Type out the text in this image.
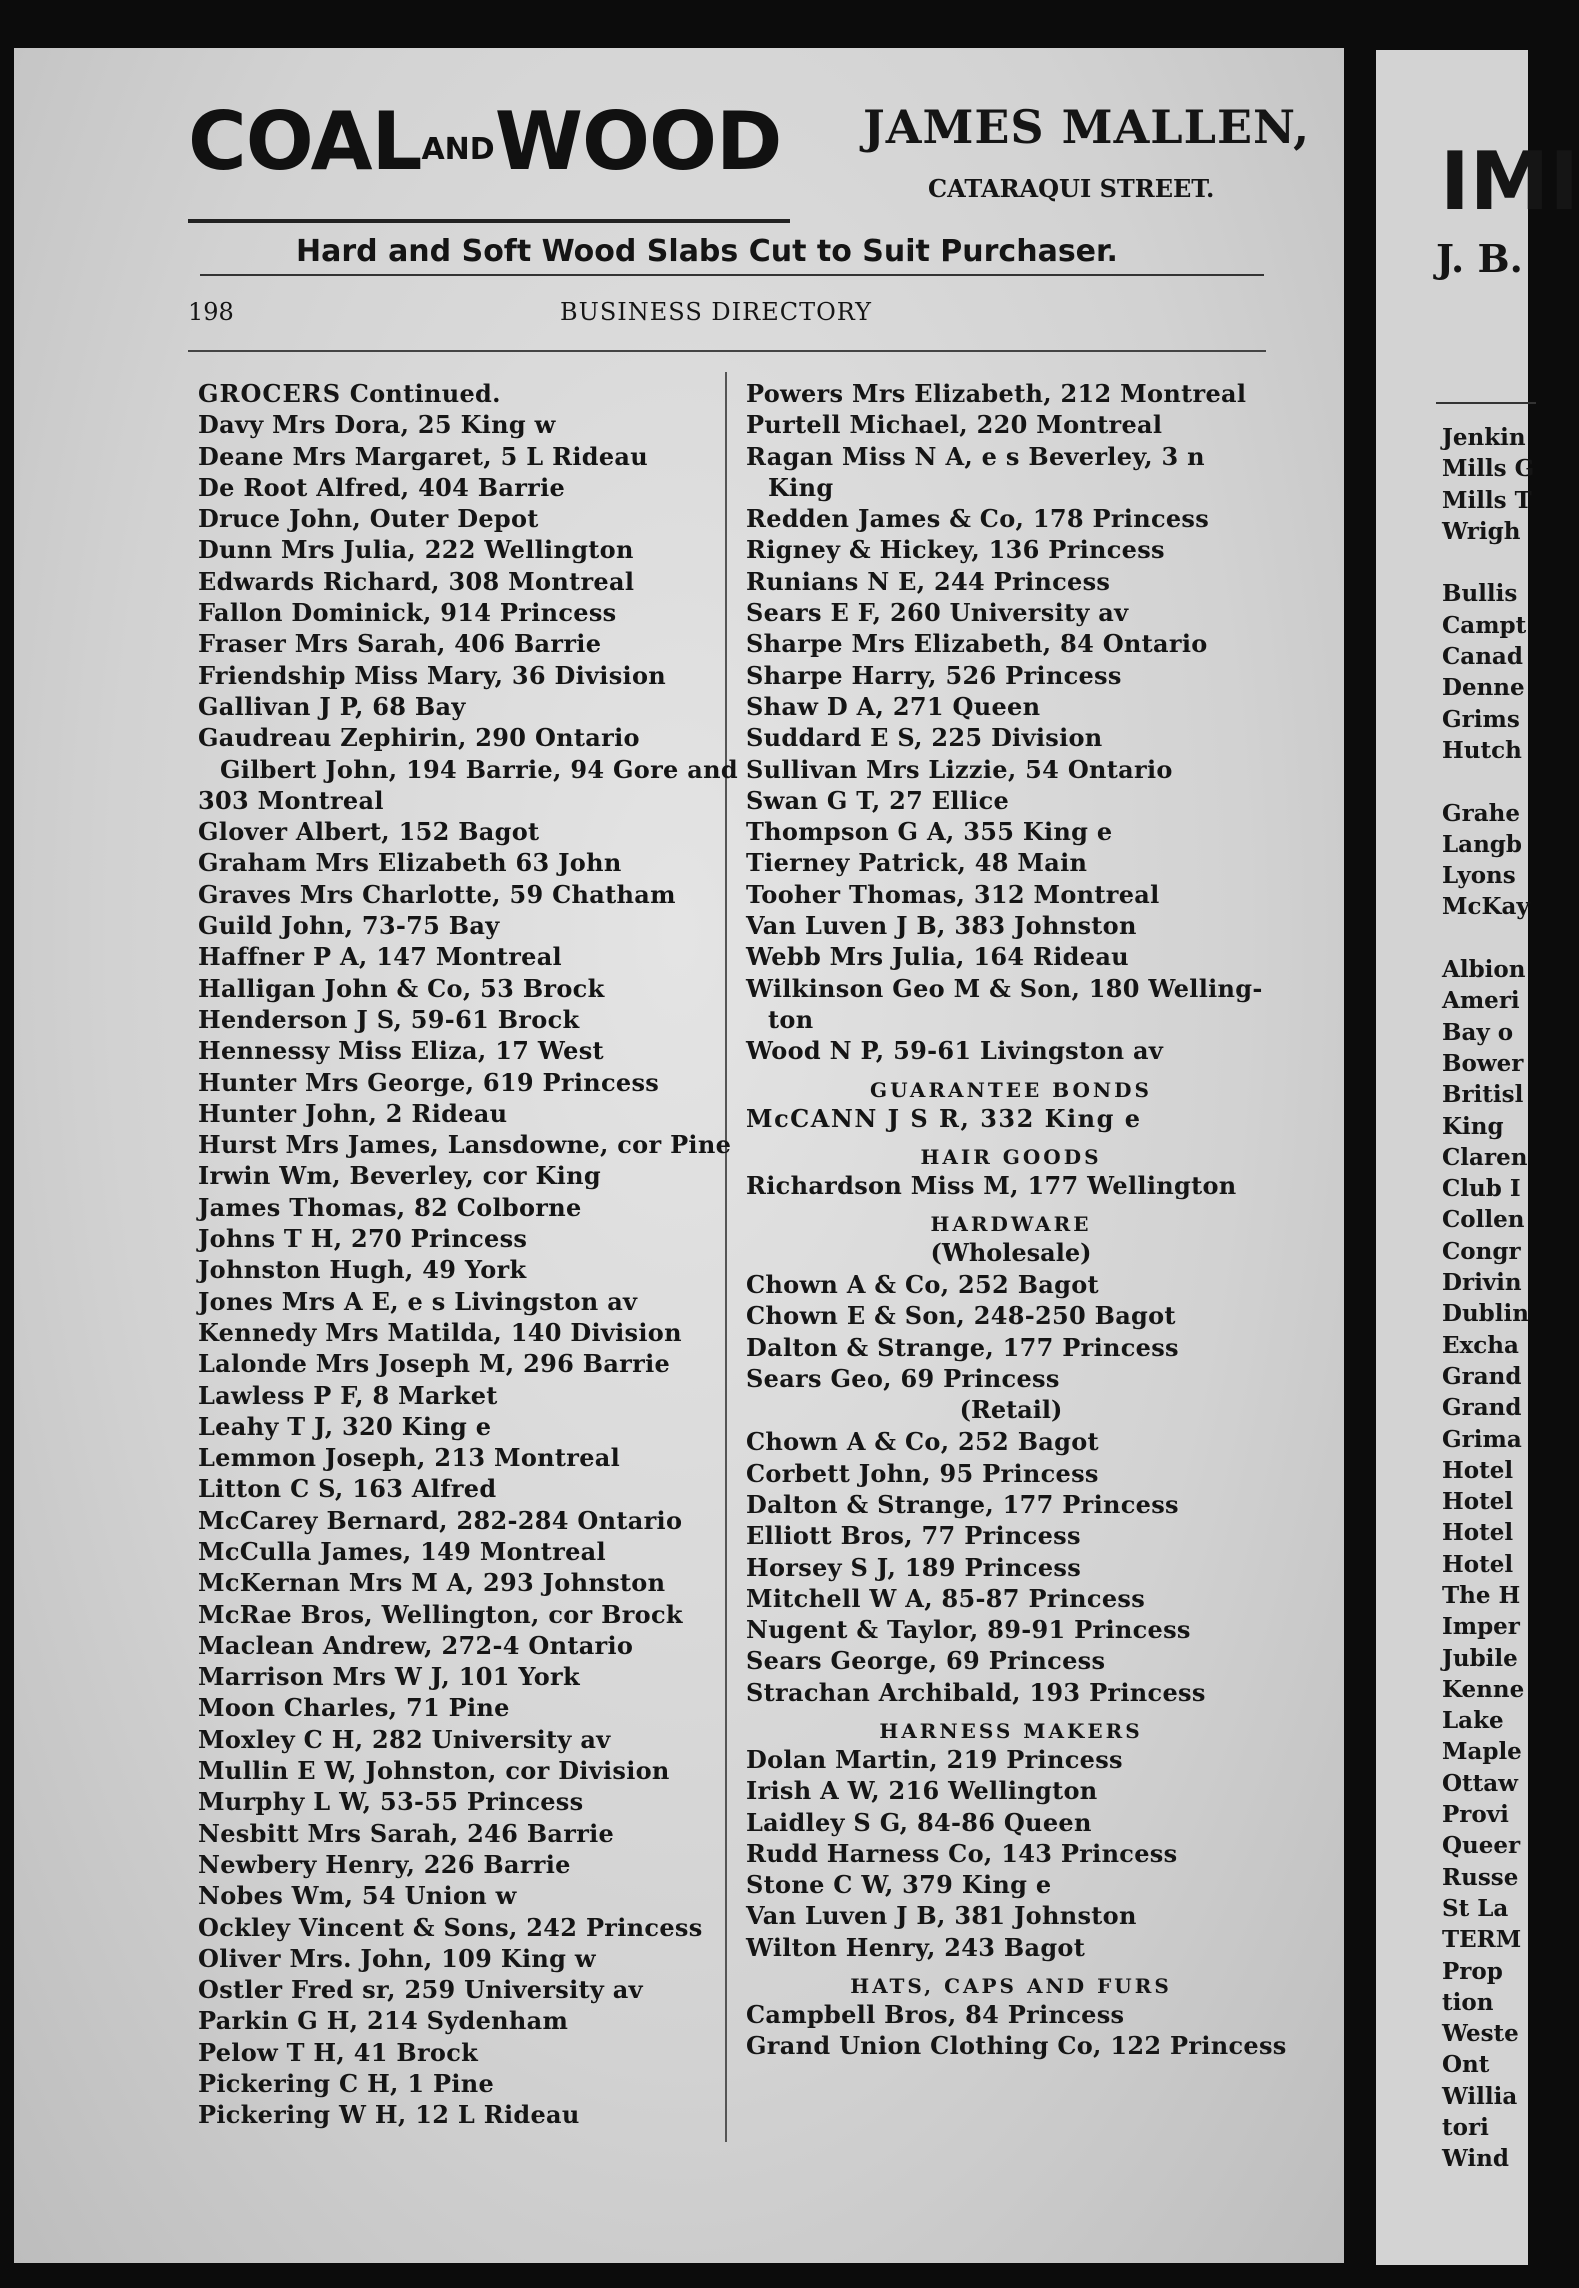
COALANDWOOD JAMES MALLEN,
CATARAQUI STREET.
Hard and Soft Wood Slabs Cut to Suit Purchaser.
198	BUSINESS DIRECTORY
GROCERS Continued.
Davy Mrs Dora, 25 King w
Deane Mrs Margaret, 5 L Rideau
De Root Alfred, 404 Barrie
Druce John, Outer Depot
Dunn Mrs Julia, 222 Wellington
Edwards Richard, 308 Montreal
Fallon Dominick, 914 Princess
Fraser Mrs Sarah, 406 Barrie
Friendship Miss Mary, 36 Division
Gallivan J P, 68 Bay
Gaudreau Zephirin, 290 Ontario
Gilbert John, 194 Barrie, 94 Gore and
303 Montreal
Glover Albert, 152 Bagot
Graham Mrs Elizabeth 63 John
Graves Mrs Charlotte, 59 Chatham
Guild John, 73-75 Bay
Haffner P A, 147 Montreal
Halligan John & Co, 53 Brock
Henderson J S, 59-61 Brock
Hennessy Miss Eliza, 17 West
Hunter Mrs George, 619 Princess
Hunter John, 2 Rideau
Hurst Mrs James, Lansdowne, cor Pine
Irwin Wm, Beverley, cor King
James Thomas, 82 Colborne
Johns T H, 270 Princess
Johnston Hugh, 49 York
Jones Mrs A E, e s Livingston av
Kennedy Mrs Matilda, 140 Division
Lalonde Mrs Joseph M, 296 Barrie
Lawless P F, 8 Market
Leahy T J, 320 King e
Lemmon Joseph, 213 Montreal
Litton C S, 163 Alfred
McCarey Bernard, 282-284 Ontario
McCulla James, 149 Montreal
McKernan Mrs M A, 293 Johnston
McRae Bros, Wellington, cor Brock
Maclean Andrew, 272-4 Ontario
Marrison Mrs W J, 101 York
Moon Charles, 71 Pine
Moxley C H, 282 University av
Mullin E W, Johnston, cor Division
Murphy L W, 53-55 Princess
Nesbitt Mrs Sarah, 246 Barrie
Newbery Henry, 226 Barrie
Nobes Wm, 54 Union w
Ockley Vincent & Sons, 242 Princess
Oliver Mrs. John, 109 King w
Ostler Fred sr, 259 University av
Parkin G H, 214 Sydenham
Pelow T H, 41 Brock
Pickering C H, 1 Pine
Pickering W H, 12 L Rideau
Powers Mrs Elizabeth, 212 Montreal
Purtell Michael, 220 Montreal
Ragan Miss N A, e s Beverley, 3 n
King
Redden James & Co, 178 Princess
Rigney & Hickey, 136 Princess
Runians N E, 244 Princess
Sears E F, 260 University av
Sharpe Mrs Elizabeth, 84 Ontario
Sharpe Harry, 526 Princess
Shaw D A, 271 Queen
Suddard E S, 225 Division
Sullivan Mrs Lizzie, 54 Ontario
Swan G T, 27 Ellice
Thompson G A, 355 King e
Tierney Patrick, 48 Main
Tooher Thomas, 312 Montreal
Van Luven J B, 383 Johnston
Webb Mrs Julia, 164 Rideau
Wilkinson Geo M & Son, 180 Welling-
ton
Wood N P, 59-61 Livingston av
GUARANTEE BONDS
McCANN J S R, 332 King e
HAIR GOODS
Richardson Miss M, 177 Wellington
HARDWARE
(Wholesale)
Chown A & Co, 252 Bagot
Chown E & Son, 248-250 Bagot
Dalton & Strange, 177 Princess
Sears Geo, 69 Princess
(Retail)
Chown A & Co, 252 Bagot
Corbett John, 95 Princess
Dalton & Strange, 177 Princess
Elliott Bros, 77 Princess
Horsey S J, 189 Princess
Mitchell W A, 85-87 Princess
Nugent & Taylor, 89-91 Princess
Sears George, 69 Princess
Strachan Archibald, 193 Princess
HARNESS MAKERS
Dolan Martin, 219 Princess
Irish A W, 216 Wellington
Laidley S G, 84-86 Queen
Rudd Harness Co, 143 Princess
Stone C W, 379 King e
Van Luven J B, 381 Johnston
Wilton Henry, 243 Bagot
HATS, CAPS AND FURS
Campbell Bros, 84 Princess
Grand Union Clothing Co, 122 Princess
IMI
J. B.
Jenkin
Mills G
Mills T
Wrigh
Bullis
Campt
Canad
Denne
Grims
Hutch
Grahe
Langb
Lyons
McKay
Albion
Ameri
Bay o
Bower
Britisl
King
Claren
Club I
Collen
Congr
Drivin
Dublin
Excha
Grand
Grand
Grima
Hotel
Hotel
Hotel
Hotel
The H
Imper
Jubile
Kenne
Lake
Maple
Ottaw
Provi
Queer
Russe
St La
TERM
Prop
tion
Weste
Ont
Willia
tori
Wind
